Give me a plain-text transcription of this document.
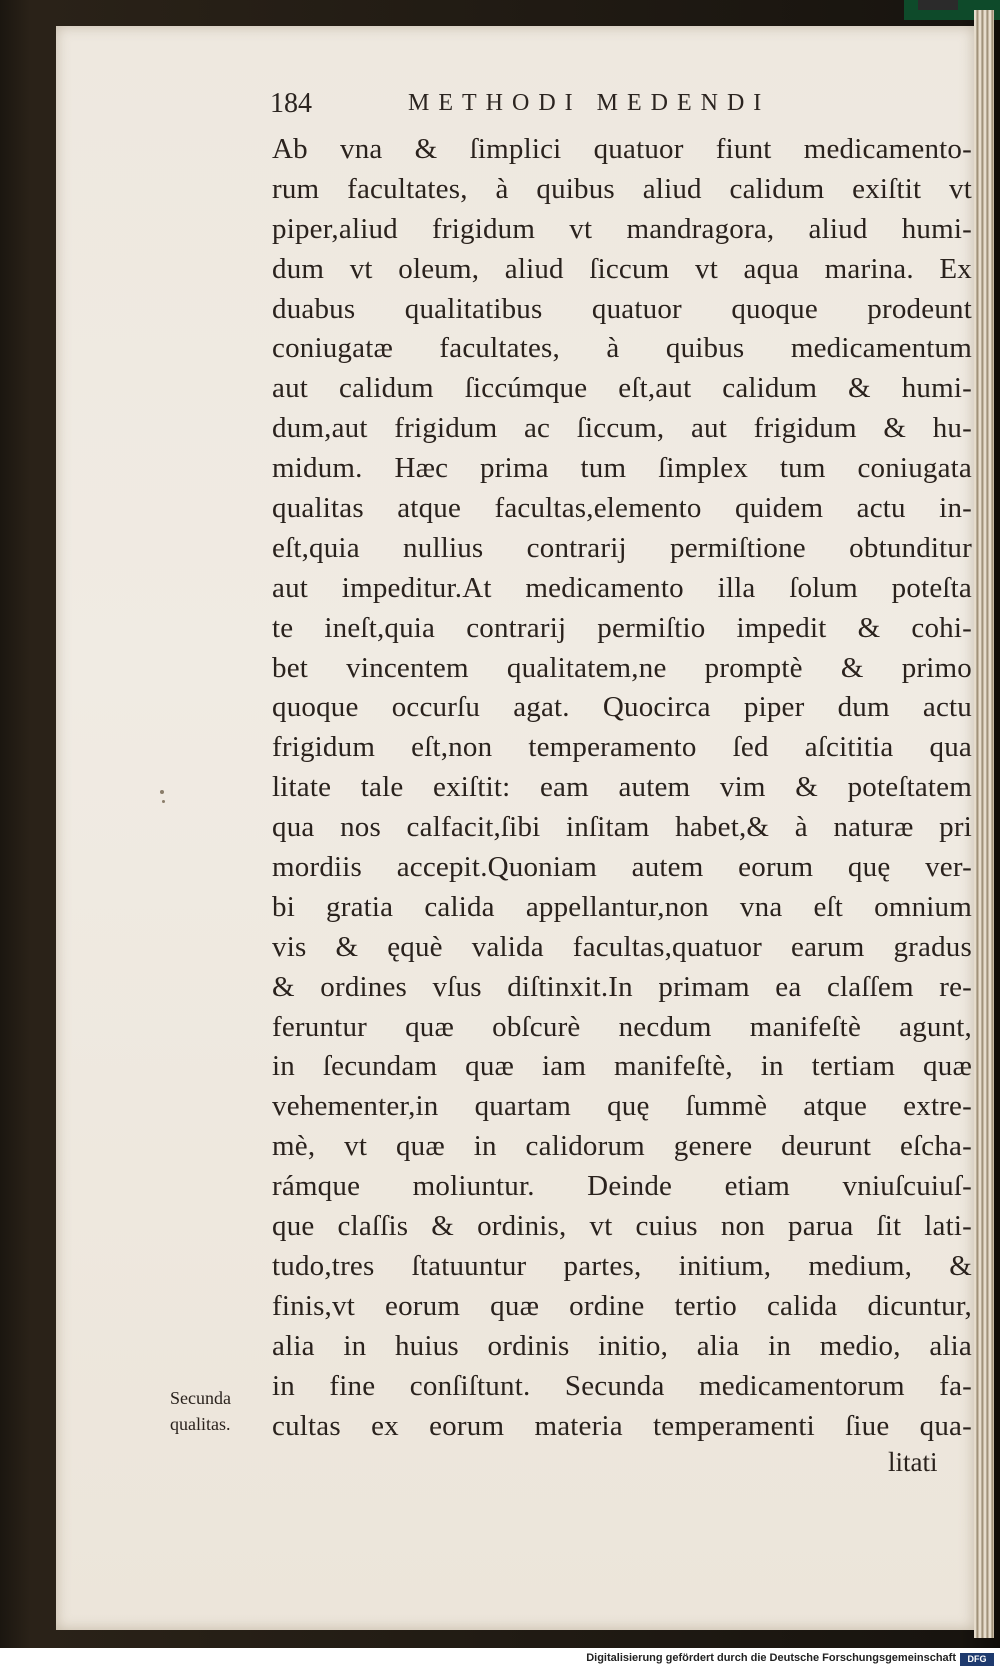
184	METHODI MEDENDI
Ab vna & ſimplici quatuor fiunt medicamento-
rum facultates, à quibus aliud calidum exiſtit vt
piper,aliud frigidum vt mandragora, aliud humi-
dum vt oleum, aliud ſiccum vt aqua marina. Ex
duabus qualitatibus quatuor quoque prodeunt
coniugatæ facultates, à quibus medicamentum
aut calidum ſiccúmque eſt,aut calidum & humi-
dum,aut frigidum ac ſiccum, aut frigidum & hu-
midum. Hæc prima tum ſimplex tum coniugata
qualitas atque facultas,elemento quidem actu in-
eſt,quia nullius contrarij permiſtione obtunditur
aut impeditur.At medicamento illa ſolum poteſta
te ineſt,quia contrarij permiſtio impedit & cohi-
bet vincentem qualitatem,ne promptè & primo
quoque occurſu agat. Quocirca piper dum actu
frigidum eſt,non temperamento ſed aſcititia qua
litate tale exiſtit: eam autem vim & poteſtatem
qua nos calfacit,ſibi inſitam habet,& à naturæ pri
mordiis accepit.Quoniam autem eorum quę ver-
bi gratia calida appellantur,non vna eſt omnium
vis & ęquè valida facultas,quatuor earum gradus
& ordines vſus diſtinxit.In primam ea claſſem re-
feruntur quæ obſcurè necdum manifeſtè agunt,
in ſecundam quæ iam manifeſtè, in tertiam quæ
vehementer,in quartam quę ſummè atque extre-
mè, vt quæ in calidorum genere deurunt eſcha-
rámque moliuntur. Deinde etiam vniuſcuiuſ-
que claſſis & ordinis, vt cuius non parua ſit lati-
tudo,tres ſtatuuntur partes, initium, medium, &
finis,vt eorum quæ ordine tertio calida dicuntur,
alia in huius ordinis initio, alia in medio, alia
in fine conſiſtunt. Secunda medicamentorum fa-
cultas ex eorum materia temperamenti ſiue qua-
Secunda
qualitas.
litati
Digitalisierung gefördert durch die Deutsche Forschungsgemeinschaft	DFG
